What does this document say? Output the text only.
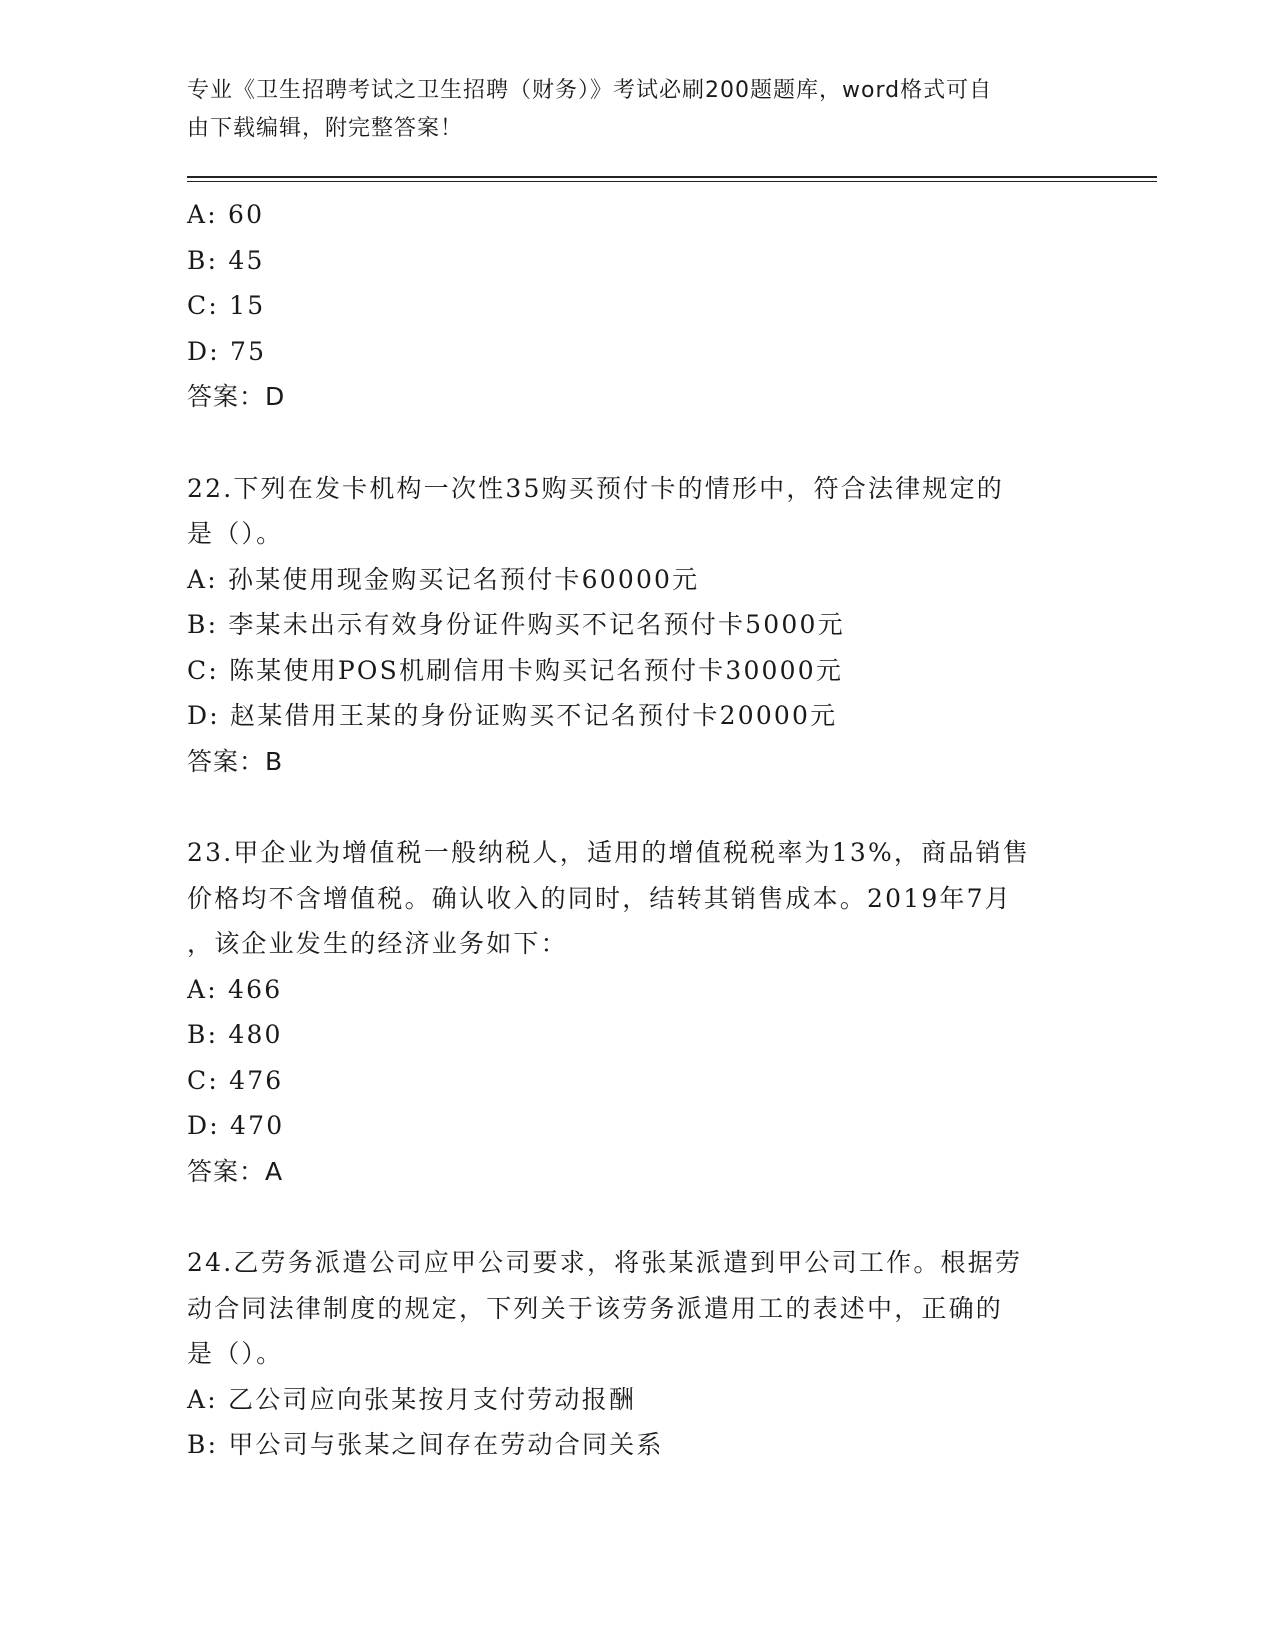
专业《卫生招聘考试之卫生招聘（财务）》考试必刷200题题库，word格式可自
由下载编辑，附完整答案！
A: 60
B: 45
C: 15
D: 75
答案：D
22.下列在发卡机构一次性35购买预付卡的情形中，符合法律规定的
是（）。
A: 孙某使用现金购买记名预付卡60000元
B: 李某未出示有效身份证件购买不记名预付卡5000元
C: 陈某使用POS机刷信用卡购买记名预付卡30000元
D: 赵某借用王某的身份证购买不记名预付卡20000元
答案：B
23.甲企业为增值税一般纳税人，适用的增值税税率为13%，商品销售
价格均不含增值税。确认收入的同时，结转其销售成本。2019年7月
，该企业发生的经济业务如下：
A: 466
B: 480
C: 476
D: 470
答案：A
24.乙劳务派遣公司应甲公司要求，将张某派遣到甲公司工作。根据劳
动合同法律制度的规定，下列关于该劳务派遣用工的表述中，正确的
是（）。
A: 乙公司应向张某按月支付劳动报酬
B: 甲公司与张某之间存在劳动合同关系
